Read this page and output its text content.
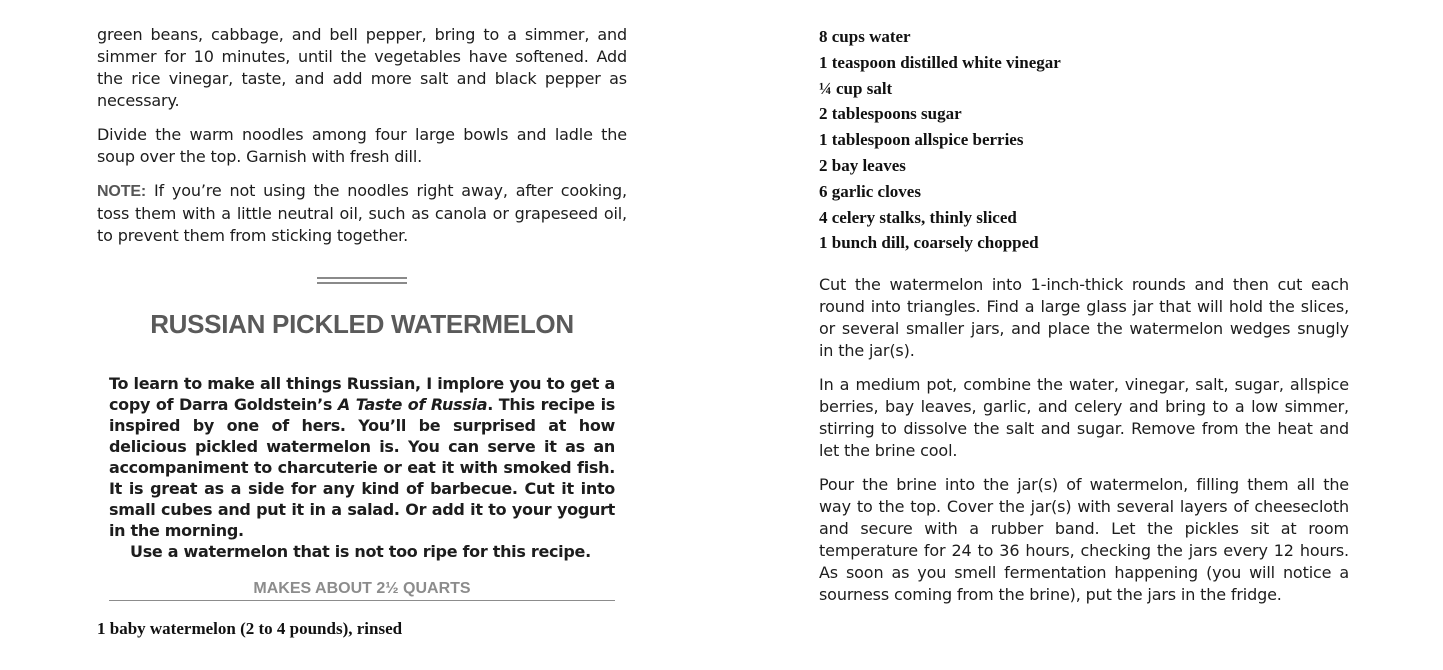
green beans, cabbage, and bell pepper, bring to a simmer, and simmer for 10 minutes, until the vegetables have softened. Add the rice vinegar, taste, and add more salt and black pepper as necessary.

Divide the warm noodles among four large bowls and ladle the soup over the top. Garnish with fresh dill.

NOTE: If you’re not using the noodles right away, after cooking, toss them with a little neutral oil, such as canola or grapeseed oil, to prevent them from sticking together.

RUSSIAN PICKLED WATERMELON

To learn to make all things Russian, I implore you to get a copy of Darra Goldstein’s A Taste of Russia. This recipe is inspired by one of hers. You’ll be surprised at how delicious pickled watermelon is. You can serve it as an accompaniment to charcuterie or eat it with smoked fish. It is great as a side for any kind of barbecue. Cut it into small cubes and put it in a salad. Or add it to your yogurt in the morning.

Use a watermelon that is not too ripe for this recipe.

MAKES ABOUT 2½ QUARTS
1 baby watermelon (2 to 4 pounds), rinsed
8 cups water
1 teaspoon distilled white vinegar
¼ cup salt
2 tablespoons sugar
1 tablespoon allspice berries
2 bay leaves
6 garlic cloves
4 celery stalks, thinly sliced
1 bunch dill, coarsely chopped

Cut the watermelon into 1-inch-thick rounds and then cut each round into triangles. Find a large glass jar that will hold the slices, or several smaller jars, and place the watermelon wedges snugly in the jar(s).

In a medium pot, combine the water, vinegar, salt, sugar, allspice berries, bay leaves, garlic, and celery and bring to a low simmer, stirring to dissolve the salt and sugar. Remove from the heat and let the brine cool.

Pour the brine into the jar(s) of watermelon, filling them all the way to the top. Cover the jar(s) with several layers of cheesecloth and secure with a rubber band. Let the pickles sit at room temperature for 24 to 36 hours, checking the jars every 12 hours. As soon as you smell fermentation happening (you will notice a sourness coming from the brine), put the jars in the fridge.
